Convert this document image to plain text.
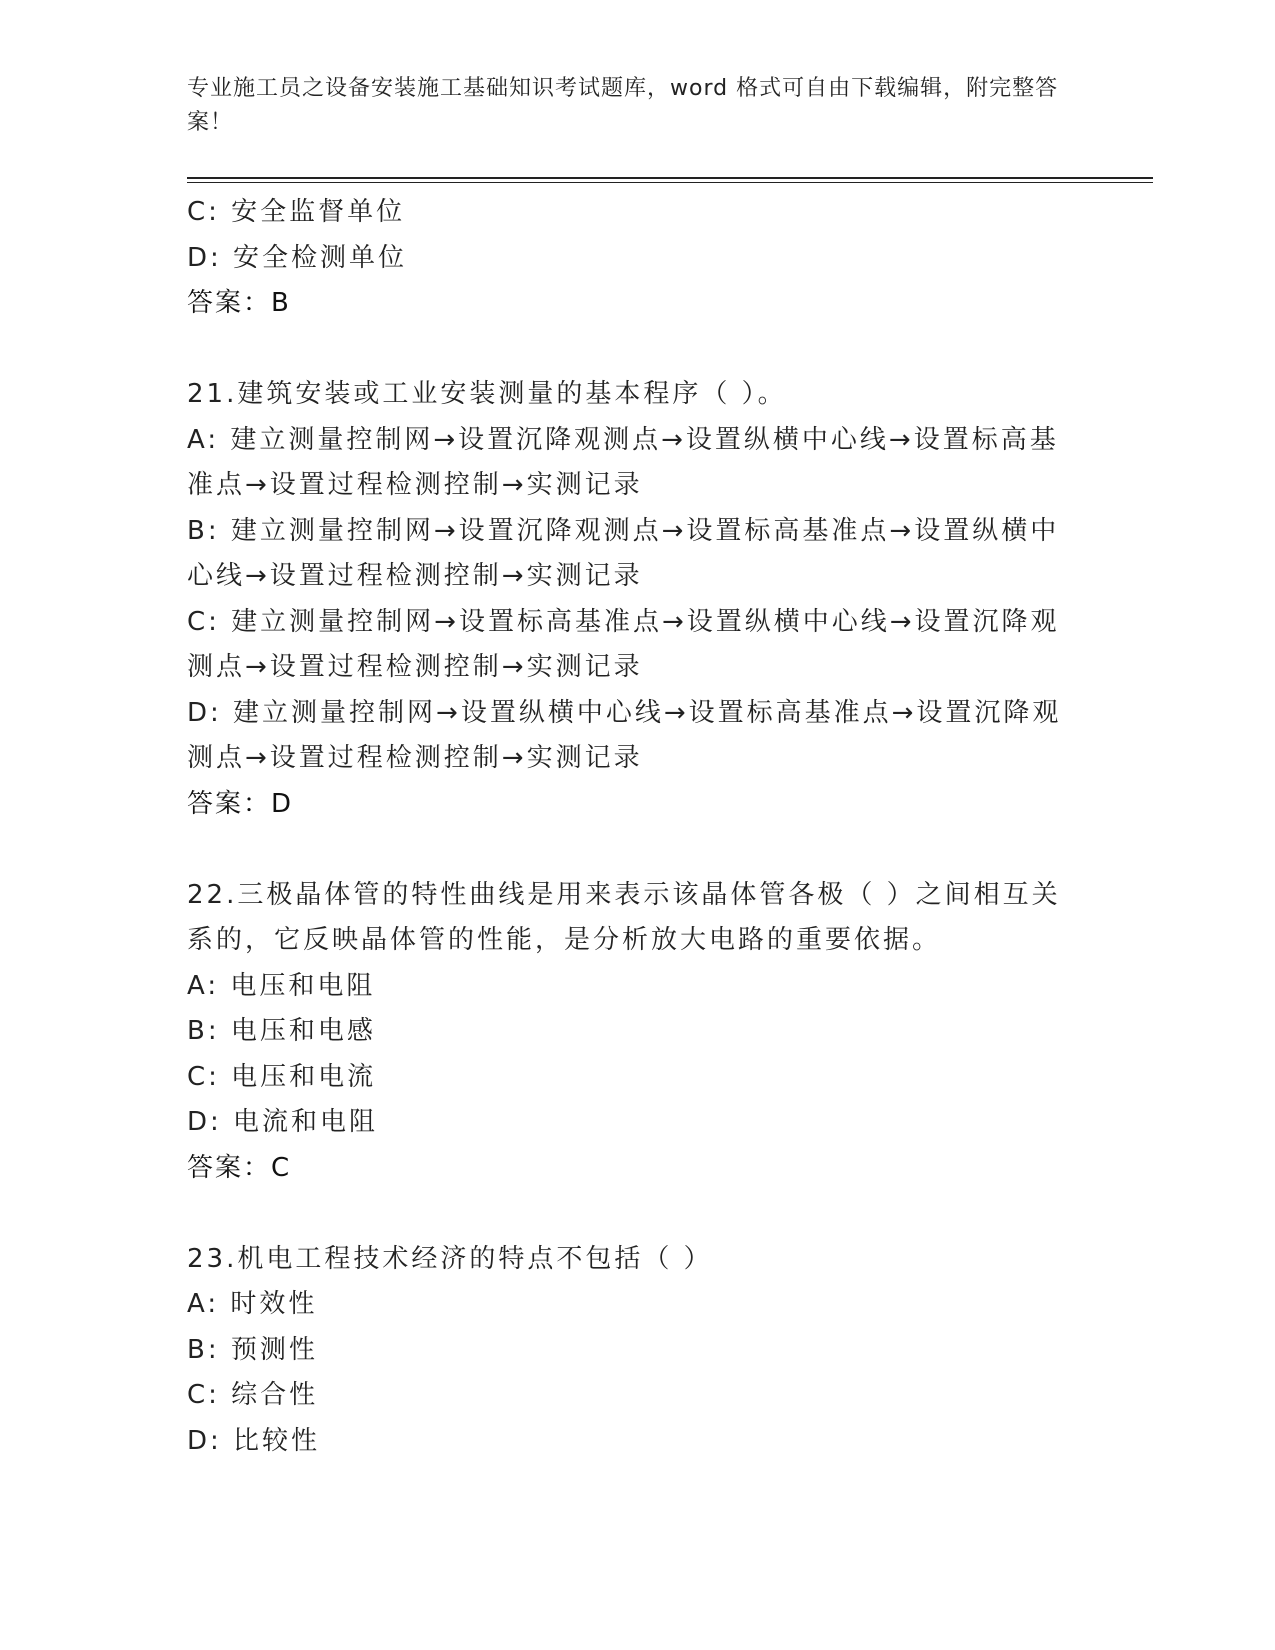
专业施工员之设备安装施工基础知识考试题库，word 格式可自由下载编辑，附完整答案！
C: 安全监督单位
D: 安全检测单位
答案：B
21.建筑安装或工业安装测量的基本程序（ ）。
A: 建立测量控制网→设置沉降观测点→设置纵横中心线→设置标高基
准点→设置过程检测控制→实测记录
B: 建立测量控制网→设置沉降观测点→设置标高基准点→设置纵横中
心线→设置过程检测控制→实测记录
C: 建立测量控制网→设置标高基准点→设置纵横中心线→设置沉降观
测点→设置过程检测控制→实测记录
D: 建立测量控制网→设置纵横中心线→设置标高基准点→设置沉降观
测点→设置过程检测控制→实测记录
答案：D
22.三极晶体管的特性曲线是用来表示该晶体管各极（ ）之间相互关
系的，它反映晶体管的性能，是分析放大电路的重要依据。
A: 电压和电阻
B: 电压和电感
C: 电压和电流
D: 电流和电阻
答案：C
23.机电工程技术经济的特点不包括（ ）
A: 时效性
B: 预测性
C: 综合性
D: 比较性
